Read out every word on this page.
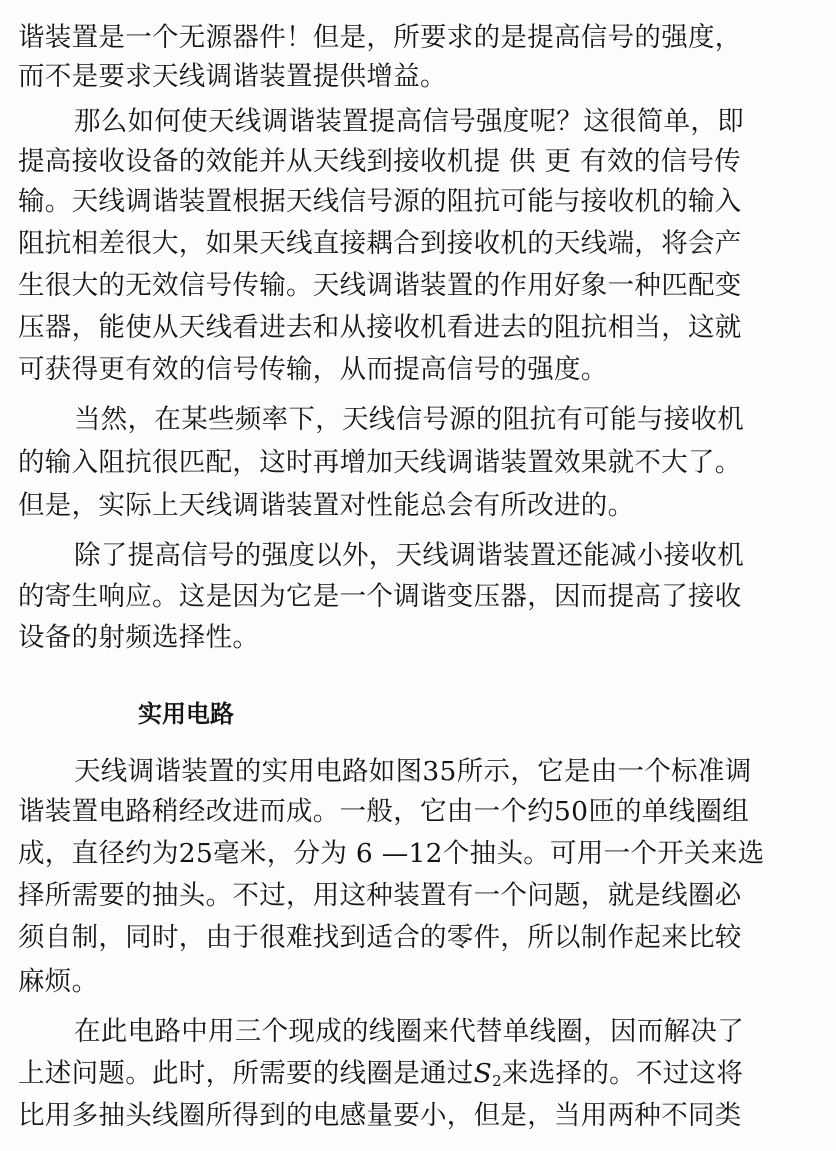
谐装置是一个无源器件！但是，所要求的是提高信号的强度，
而不是要求天线调谐装置提供增益。
那么如何使天线调谐装置提高信号强度呢？这很简单，即
提高接收设备的效能并从天线到接收机提 供 更 有效的信号传
输。天线调谐装置根据天线信号源的阻抗可能与接收机的输入
阻抗相差很大，如果天线直接耦合到接收机的天线端，将会产
生很大的无效信号传输。天线调谐装置的作用好象一种匹配变
压器，能使从天线看进去和从接收机看进去的阻抗相当，这就
可获得更有效的信号传输，从而提高信号的强度。
当然，在某些频率下，天线信号源的阻抗有可能与接收机
的输入阻抗很匹配，这时再增加天线调谐装置效果就不大了。
但是，实际上天线调谐装置对性能总会有所改进的。
除了提高信号的强度以外，天线调谐装置还能减小接收机
的寄生响应。这是因为它是一个调谐变压器，因而提高了接收
设备的射频选择性。
实用电路
天线调谐装置的实用电路如图35所示，它是由一个标准调
谐装置电路稍经改进而成。一般，它由一个约50匝的单线圈组
成，直径约为25毫米，分为 6 —12个抽头。可用一个开关来选
择所需要的抽头。不过，用这种装置有一个问题，就是线圈必
须自制，同时，由于很难找到适合的零件，所以制作起来比较
麻烦。
在此电路中用三个现成的线圈来代替单线圈，因而解决了
上述问题。此时，所需要的线圈是通过$S_2$来选择的。不过这将
比用多抽头线圈所得到的电感量要小，但是，当用两种不同类
